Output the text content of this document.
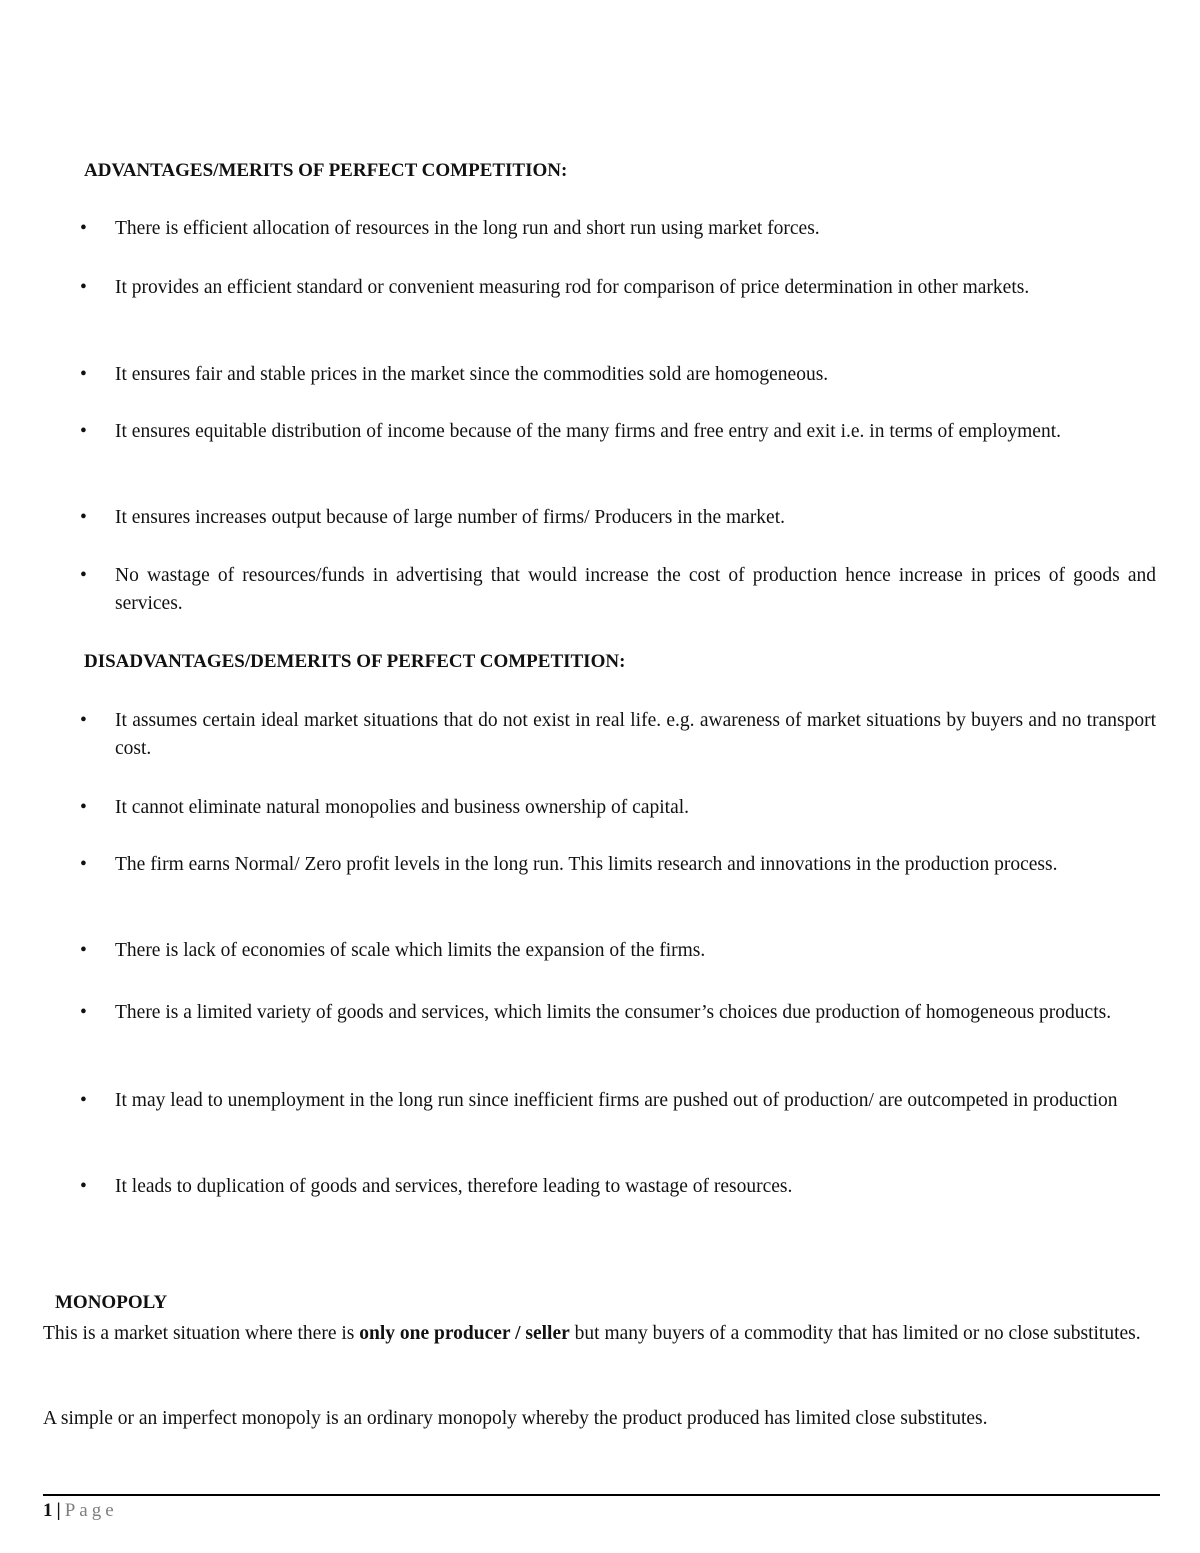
ADVANTAGES/MERITS OF PERFECT COMPETITION:
•	There is efficient allocation of resources in the long run and short run using market forces.
•	It provides an efficient standard or convenient measuring rod for comparison of price determination in other markets.
•	It ensures fair and stable prices in the market since the commodities sold are homogeneous.
•	It ensures equitable distribution of income because of the many firms and free entry and exit i.e. in terms of employment.
•	It ensures increases output because of large number of firms/ Producers in the market.
•	No wastage of resources/funds in advertising that would increase the cost of production hence increase in prices of goods and services.
DISADVANTAGES/DEMERITS OF PERFECT COMPETITION:
•	It assumes certain ideal market situations that do not exist in real life. e.g. awareness of market situations by buyers and no transport cost.
•	It cannot eliminate natural monopolies and business ownership of capital.
•	The firm earns Normal/ Zero profit levels in the long run. This limits research and innovations in the production process.
•	There is lack of economies of scale which limits the expansion of the firms.
•	There is a limited variety of goods and services, which limits the consumer’s choices due production of homogeneous products.
•	It may lead to unemployment in the long run since inefficient firms are pushed out of production/ are outcompeted in production
•	It leads to duplication of goods and services, therefore leading to wastage of resources.
MONOPOLY
This is a market situation where there is only one producer / seller but many buyers of a commodity that has limited or no close substitutes.
A simple or an imperfect monopoly is an ordinary monopoly whereby the product produced has limited close substitutes.
1 | Page
